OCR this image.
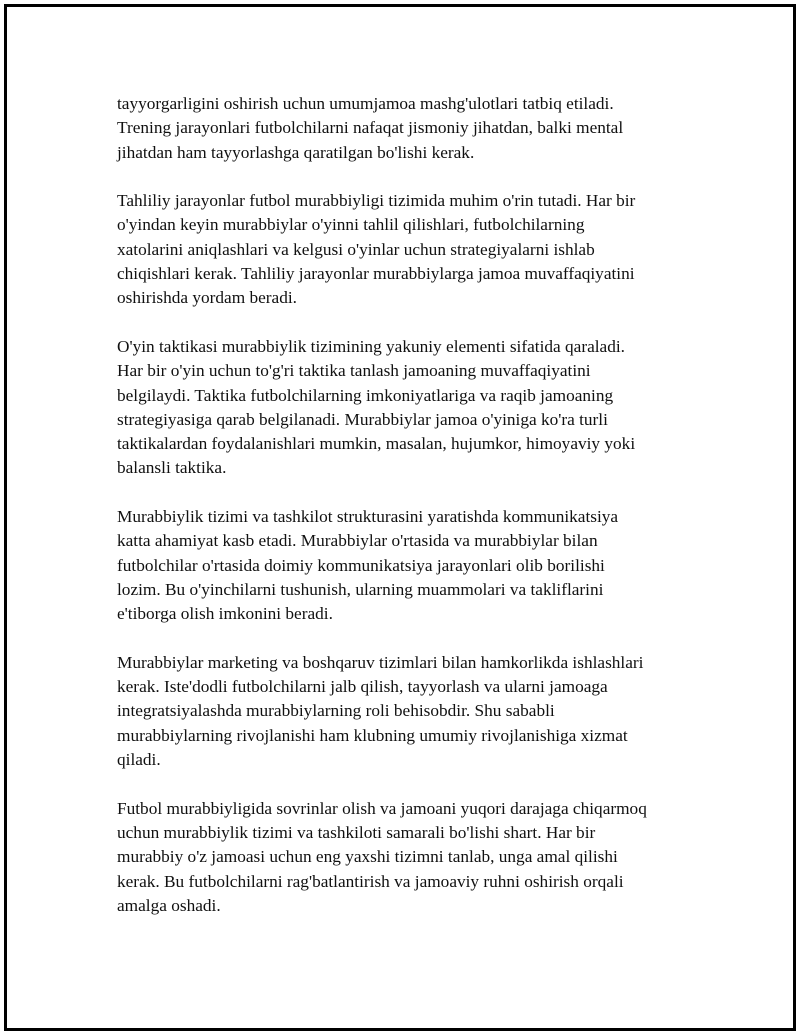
tayyorgarligini oshirish uchun umumjamoa mashg'ulotlari tatbiq etiladi.
Trening jarayonlari futbolchilarni nafaqat jismoniy jihatdan, balki mental
jihatdan ham tayyorlashga qaratilgan bo'lishi kerak.

Tahliliy jarayonlar futbol murabbiyligi tizimida muhim o'rin tutadi. Har bir
o'yindan keyin murabbiylar o'yinni tahlil qilishlari, futbolchilarning
xatolarini aniqlashlari va kelgusi o'yinlar uchun strategiyalarni ishlab
chiqishlari kerak. Tahliliy jarayonlar murabbiylarga jamoa muvaffaqiyatini
oshirishda yordam beradi.

O'yin taktikasi murabbiylik tizimining yakuniy elementi sifatida qaraladi.
Har bir o'yin uchun to'g'ri taktika tanlash jamoaning muvaffaqiyatini
belgilaydi. Taktika futbolchilarning imkoniyatlariga va raqib jamoaning
strategiyasiga qarab belgilanadi. Murabbiylar jamoa o'yiniga ko'ra turli
taktikalardan foydalanishlari mumkin, masalan, hujumkor, himoyaviy yoki
balansli taktika.

Murabbiylik tizimi va tashkilot strukturasini yaratishda kommunikatsiya
katta ahamiyat kasb etadi. Murabbiylar o'rtasida va murabbiylar bilan
futbolchilar o'rtasida doimiy kommunikatsiya jarayonlari olib borilishi
lozim. Bu o'yinchilarni tushunish, ularning muammolari va takliflarini
e'tiborga olish imkonini beradi.

Murabbiylar marketing va boshqaruv tizimlari bilan hamkorlikda ishlashlari
kerak. Iste'dodli futbolchilarni jalb qilish, tayyorlash va ularni jamoaga
integratsiyalashda murabbiylarning roli behisobdir. Shu sababli
murabbiylarning rivojlanishi ham klubning umumiy rivojlanishiga xizmat
qiladi.

Futbol murabbiyligida sovrinlar olish va jamoani yuqori darajaga chiqarmoq
uchun murabbiylik tizimi va tashkiloti samarali bo'lishi shart. Har bir
murabbiy o'z jamoasi uchun eng yaxshi tizimni tanlab, unga amal qilishi
kerak. Bu futbolchilarni rag'batlantirish va jamoaviy ruhni oshirish orqali
amalga oshadi.
